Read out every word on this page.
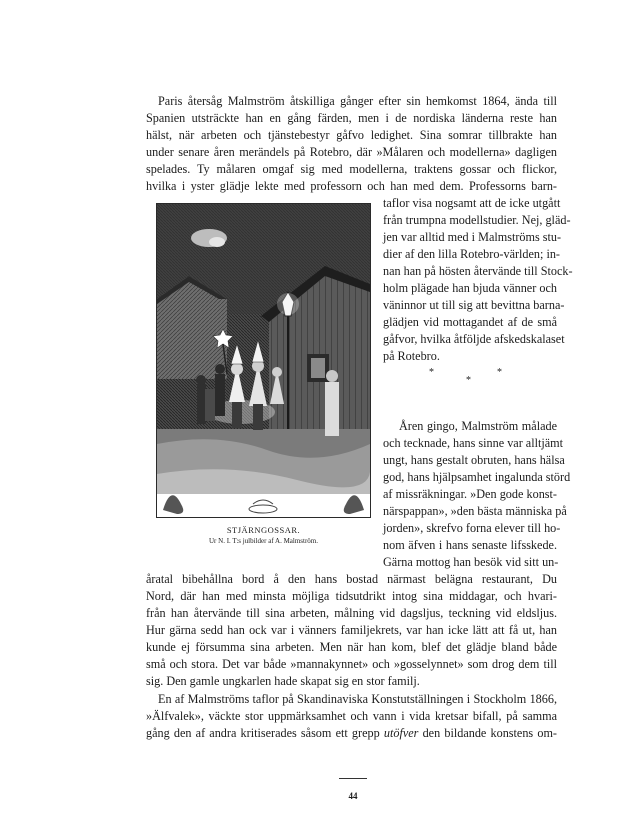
Paris återsåg Malmström åtskilliga gånger efter sin hemkomst 1864, ända till
Spanien utsträckte han en gång färden, men i de nordiska länderna reste han
hälst, när arbeten och tjänstebestyr gåfvo ledighet. Sina somrar tillbrakte han
under senare åren merändels på Rotebro, där »Målaren och modellerna» dagligen
spelades. Ty målaren omgaf sig med modellerna, traktens gossar och flickor,
hvilka i yster glädje lekte med professorn och han med dem. Professorns barn-
taflor visa nogsamt att de icke utgått
från trumpna modellstudier. Nej, gläd-
jen var alltid med i Malmströms stu-
dier af den lilla Rotebro-världen; in-
nan han på hösten återvände till Stock-
holm plägade han bjuda vänner och
väninnor ut till sig att bevittna barna-
glädjen vid mottagandet af de små
gåfvor, hvilka åtföljde afskedskalaset
på Rotebro.
*
*
*
Åren gingo, Malmström målade
och tecknade, hans sinne var alltjämt
ungt, hans gestalt obruten, hans hälsa
god, hans hjälpsamhet ingalunda störd
af missräkningar. »Den gode konst-
närspappan», »den bästa människa på
jorden», skrefvo forna elever till ho-
nom äfven i hans senaste lifsskede.
Gärna mottog han besök vid sitt un-
åratal bibehållna bord å den hans bostad närmast belägna restaurant, Du
Nord, där han med minsta möjliga tidsutdrikt intog sina middagar, och hvari-
från han återvände till sina arbeten, målning vid dagsljus, teckning vid eldsljus.
Hur gärna sedd han ock var i vänners familjekrets, var han icke lätt att få ut, han
kunde ej försumma sina arbeten. Men när han kom, blef det glädje bland både
små och stora. Det var både »mannakynnet» och »gosselynnet» som drog dem till
sig. Den gamle ungkarlen hade skapat sig en stor familj.
En af Malmströms taflor på Skandinaviska Konstutställningen i Stockholm 1866,
»Älfvalek», väckte stor uppmärksamhet och vann i vida kretsar bifall, på samma
gång den af andra kritiserades såsom ett grepp utöfver den bildande konstens om-
STJÄRNGOSSAR.
Ur N. I. T:s julbilder af A. Malmström.
44
